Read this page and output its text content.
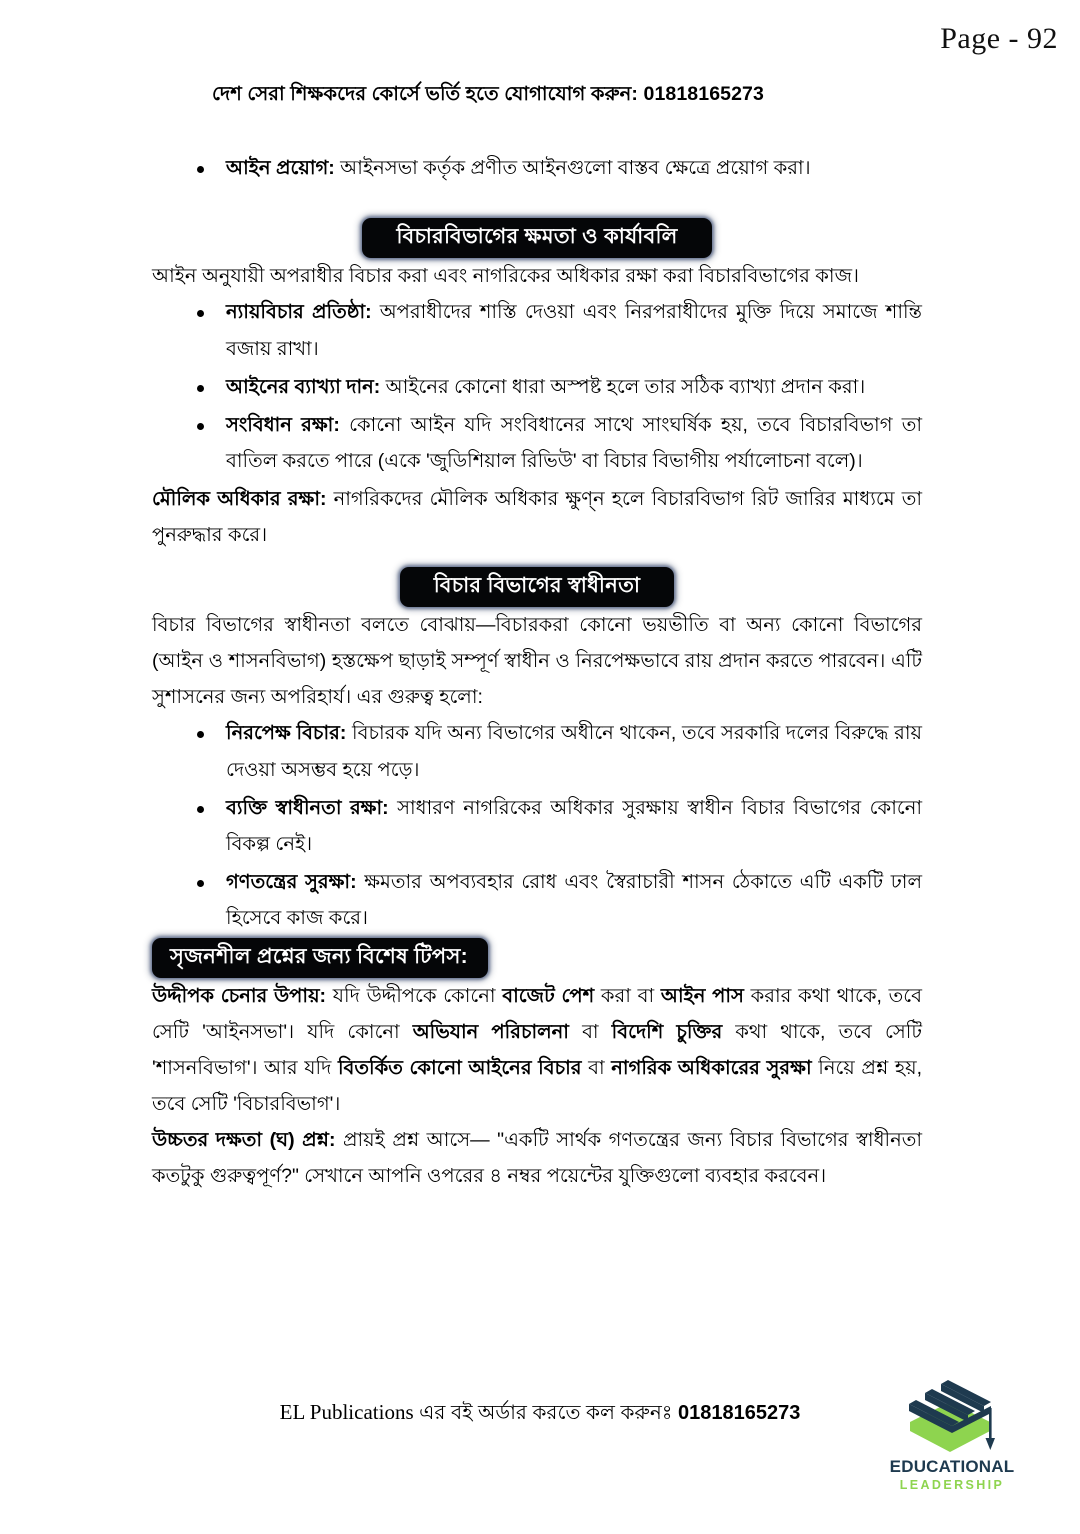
Page - 92
দেশ সেরা শিক্ষকদের কোর্সে ভর্তি হতে যোগাযোগ করুন: 01818165273
আইন প্রয়োগ: আইনসভা কর্তৃক প্রণীত আইনগুলো বাস্তব ক্ষেত্রে প্রয়োগ করা।
বিচারবিভাগের ক্ষমতা ও কার্যাবলি

আইন অনুযায়ী অপরাধীর বিচার করা এবং নাগরিকের অধিকার রক্ষা করা বিচারবিভাগের কাজ।

ন্যায়বিচার প্রতিষ্ঠা: অপরাধীদের শাস্তি দেওয়া এবং নিরপরাধীদের মুক্তি দিয়ে সমাজে শান্তি বজায় রাখা।
আইনের ব্যাখ্যা দান: আইনের কোনো ধারা অস্পষ্ট হলে তার সঠিক ব্যাখ্যা প্রদান করা।
সংবিধান রক্ষা: কোনো আইন যদি সংবিধানের সাথে সাংঘর্ষিক হয়, তবে বিচারবিভাগ তা বাতিল করতে পারে (একে 'জুডিশিয়াল রিভিউ' বা বিচার বিভাগীয় পর্যালোচনা বলে)।

মৌলিক অধিকার রক্ষা: নাগরিকদের মৌলিক অধিকার ক্ষুণ্ন হলে বিচারবিভাগ রিট জারির মাধ্যমে তা পুনরুদ্ধার করে।

বিচার বিভাগের স্বাধীনতা

বিচার বিভাগের স্বাধীনতা বলতে বোঝায়—বিচারকরা কোনো ভয়ভীতি বা অন্য কোনো বিভাগের (আইন ও শাসনবিভাগ) হস্তক্ষেপ ছাড়াই সম্পূর্ণ স্বাধীন ও নিরপেক্ষভাবে রায় প্রদান করতে পারবেন। এটি সুশাসনের জন্য অপরিহার্য। এর গুরুত্ব হলো:

নিরপেক্ষ বিচার: বিচারক যদি অন্য বিভাগের অধীনে থাকেন, তবে সরকারি দলের বিরুদ্ধে রায় দেওয়া অসম্ভব হয়ে পড়ে।
ব্যক্তি স্বাধীনতা রক্ষা: সাধারণ নাগরিকের অধিকার সুরক্ষায় স্বাধীন বিচার বিভাগের কোনো বিকল্প নেই।
গণতন্ত্রের সুরক্ষা: ক্ষমতার অপব্যবহার রোধ এবং স্বৈরাচারী শাসন ঠেকাতে এটি একটি ঢাল হিসেবে কাজ করে।
সৃজনশীল প্রশ্নের জন্য বিশেষ টিপস:

উদ্দীপক চেনার উপায়: যদি উদ্দীপকে কোনো বাজেট পেশ করা বা আইন পাস করার কথা থাকে, তবে সেটি 'আইনসভা'। যদি কোনো অভিযান পরিচালনা বা বিদেশি চুক্তির কথা থাকে, তবে সেটি 'শাসনবিভাগ'। আর যদি বিতর্কিত কোনো আইনের বিচার বা নাগরিক অধিকারের সুরক্ষা নিয়ে প্রশ্ন হয়, তবে সেটি 'বিচারবিভাগ'।

উচ্চতর দক্ষতা (ঘ) প্রশ্ন: প্রায়ই প্রশ্ন আসে— "একটি সার্থক গণতন্ত্রের জন্য বিচার বিভাগের স্বাধীনতা কতটুকু গুরুত্বপূর্ণ?" সেখানে আপনি ওপরের ৪ নম্বর পয়েন্টের যুক্তিগুলো ব্যবহার করবেন।

EL Publications এর বই অর্ডার করতে কল করুনঃ 01818165273
EDUCATIONAL
LEADERSHIP
